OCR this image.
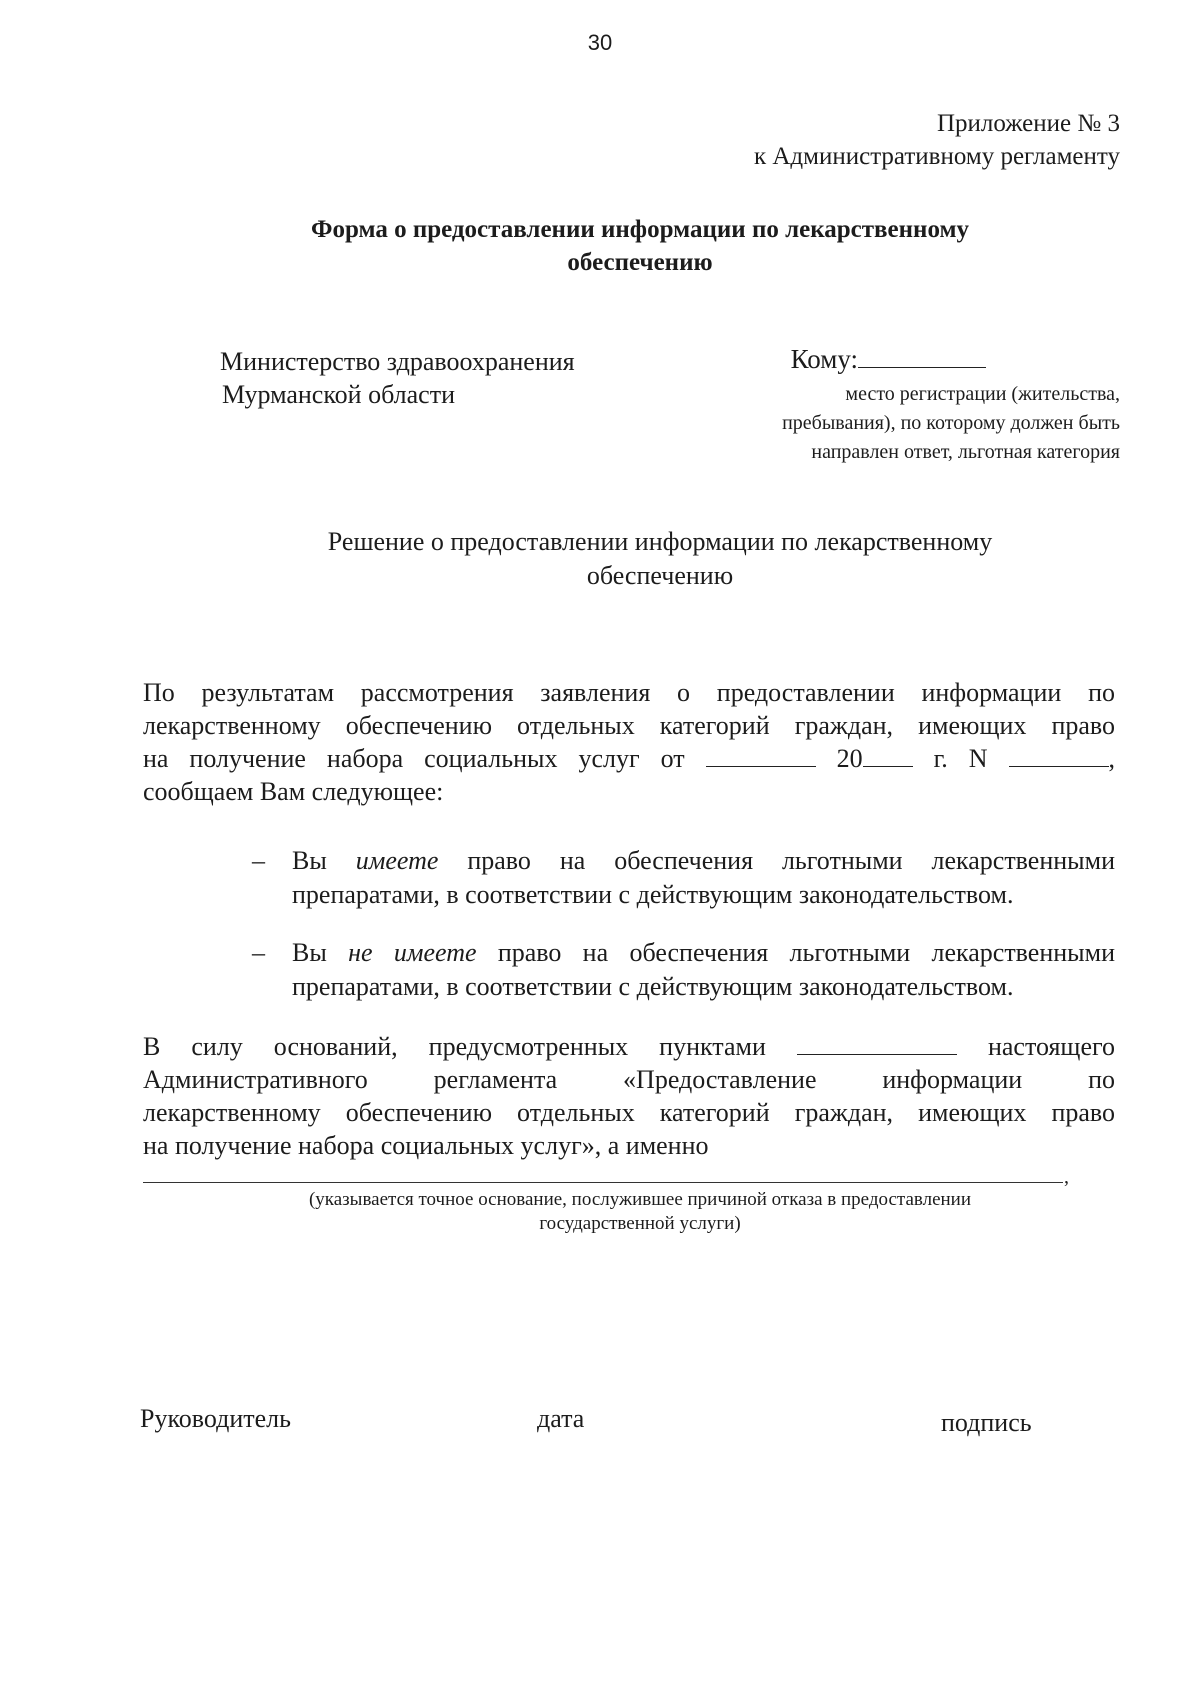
30
Приложение № 3
к Административному регламенту
Форма о предоставлении информации по лекарственному
обеспечению
Министерство здравоохранения
Мурманской области
Кому:
место регистрации (жительства,
пребывания), по которому должен быть
направлен ответ, льготная категория
Решение о предоставлении информации по лекарственному
обеспечению
По результатам рассмотрения заявления о предоставлении информации по
лекарственному обеспечению отдельных категорий граждан, имеющих право
на получение набора социальных услуг от	20	г. N	,
сообщаем Вам следующее:
– Вы имеете право на обеспечения льготными лекарственными
препаратами, в соответствии с действующим законодательством.
– Вы не имеете право на обеспечения льготными лекарственными
препаратами, в соответствии с действующим законодательством.
В силу оснований, предусмотренных пунктами	настоящего
Административного регламента «Предоставление информации по
лекарственному обеспечению отдельных категорий граждан, имеющих право
на получение набора социальных услуг», а именно
,
(указывается точное основание, послужившее причиной отказа в предоставлении
государственной услуги)
Руководитель	дата	подпись
